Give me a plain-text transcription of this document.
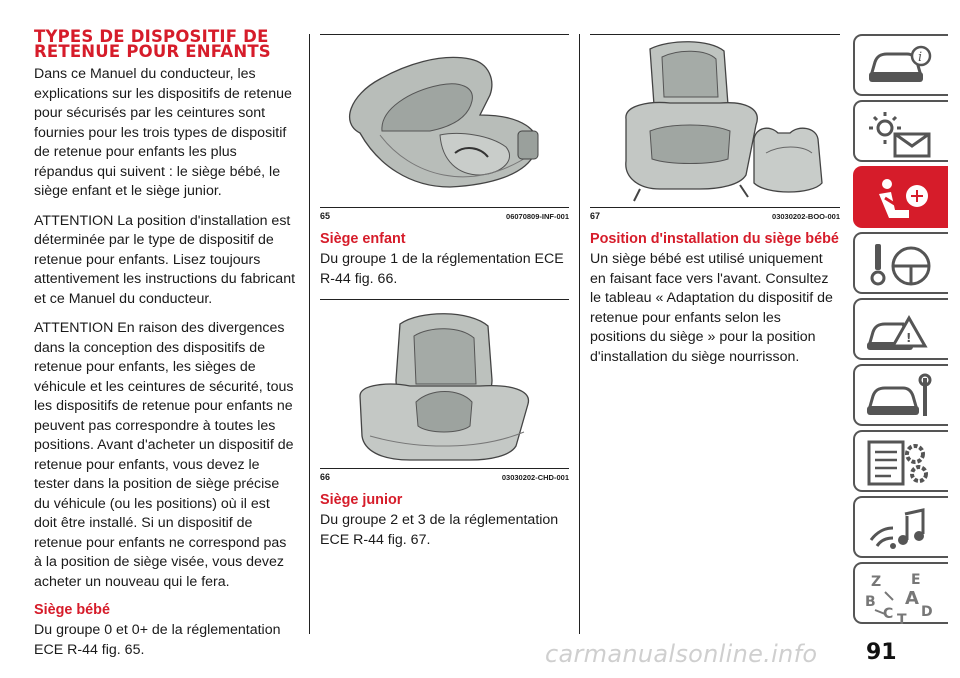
TYPES DE DISPOSITIF DE RETENUE POUR ENFANTS

Dans ce Manuel du conducteur, les explications sur les dispositifs de retenue pour sécurisés par les ceintures sont fournies pour les trois types de dispositif de retenue pour enfants les plus répandus qui suivent : le siège bébé, le siège enfant et le siège junior.

ATTENTION La position d'installation est déterminée par le type de dispositif de retenue pour enfants. Lisez toujours attentivement les instructions du fabricant et ce Manuel du conducteur.

ATTENTION En raison des divergences dans la conception des dispositifs de retenue pour enfants, les sièges de véhicule et les ceintures de sécurité, tous les dispositifs de retenue pour enfants ne peuvent pas correspondre à toutes les positions. Avant d'acheter un dispositif de retenue pour enfants, vous devez le tester dans la position de siège précise du véhicule (ou les positions) où il est doit être installé. Si un dispositif de retenue pour enfants ne correspond pas à la position de siège visée, vous devez acheter un nouveau qui le fera.

Siège bébé

Du groupe 0 et 0+ de la réglementation ECE R-44 fig. 65.

65	06070809-INF-001
Siège enfant

Du groupe 1 de la réglementation ECE R-44 fig. 66.

66	03030202-CHD-001
Siège junior

Du groupe 2 et 3 de la réglementation ECE R-44 fig. 67.

67	03030202-BOO-001
Position d'installation du siège bébé

Un siège bébé est utilisé uniquement en faisant face vers l'avant. Consultez le tableau « Adaptation du dispositif de retenue pour enfants selon les positions du siège » pour la position d'installation du siège nourrisson.

i
!
Z E
B A
C D
T
carmanualsonline.info 91
